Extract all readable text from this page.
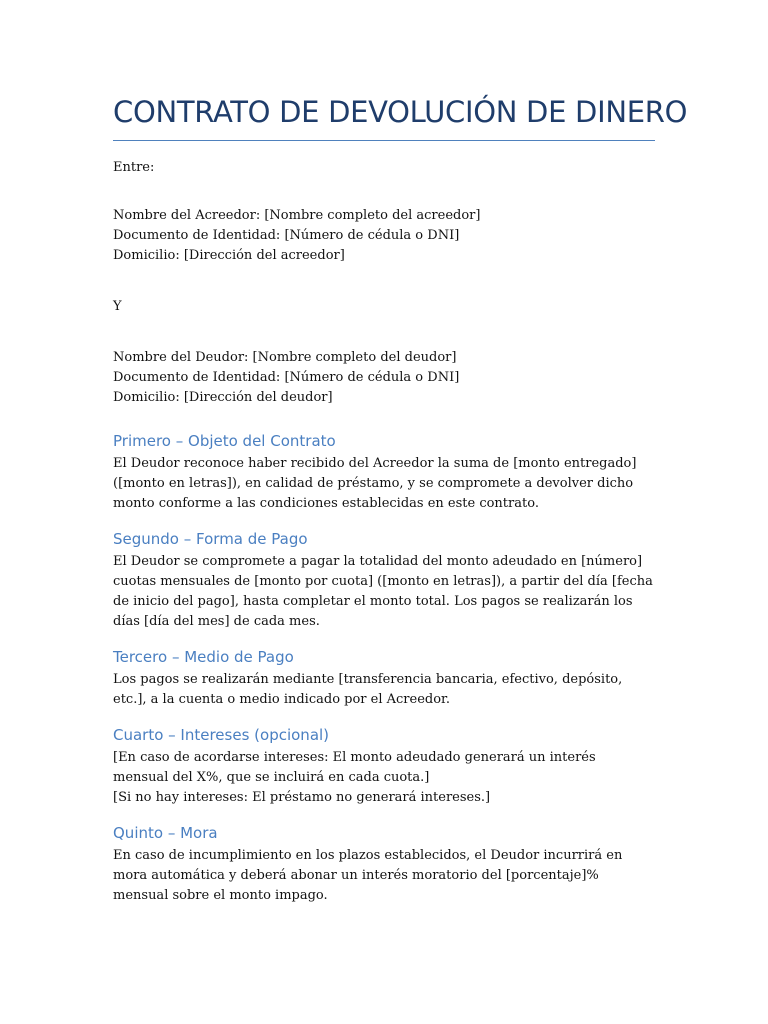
CONTRATO DE DEVOLUCIÓN DE DINERO

Entre:

Nombre del Acreedor: [Nombre completo del acreedor]

Documento de Identidad: [Número de cédula o DNI]

Domicilio: [Dirección del acreedor]

Y

Nombre del Deudor: [Nombre completo del deudor]

Documento de Identidad: [Número de cédula o DNI]

Domicilio: [Dirección del deudor]

Primero – Objeto del Contrato

El Deudor reconoce haber recibido del Acreedor la suma de [monto entregado] ([monto en letras]), en calidad de préstamo, y se compromete a devolver dicho monto conforme a las condiciones establecidas en este contrato.

Segundo – Forma de Pago

El Deudor se compromete a pagar la totalidad del monto adeudado en [número] cuotas mensuales de [monto por cuota] ([monto en letras]), a partir del día [fecha de inicio del pago], hasta completar el monto total. Los pagos se realizarán los días [día del mes] de cada mes.

Tercero – Medio de Pago

Los pagos se realizarán mediante [transferencia bancaria, efectivo, depósito, etc.], a la cuenta o medio indicado por el Acreedor.

Cuarto – Intereses (opcional)

[En caso de acordarse intereses: El monto adeudado generará un interés mensual del X%, que se incluirá en cada cuota.]

[Si no hay intereses: El préstamo no generará intereses.]

Quinto – Mora

En caso de incumplimiento en los plazos establecidos, el Deudor incurrirá en mora automática y deberá abonar un interés moratorio del [porcentaje]% mensual sobre el monto impago.
